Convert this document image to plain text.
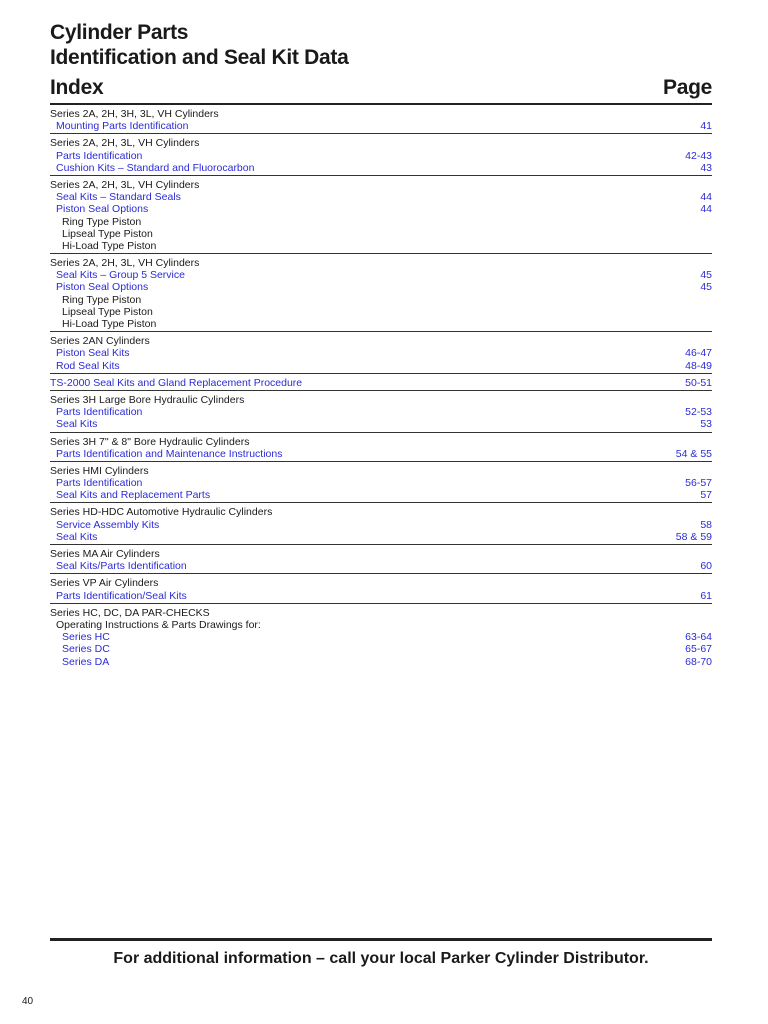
Cylinder Parts
Identification and Seal Kit Data
Index	Page
Series 2A, 2H, 3H, 3L, VH Cylinders
Mounting Parts Identification	41
Series 2A, 2H, 3L, VH Cylinders
Parts Identification	42-43
Cushion Kits – Standard and Fluorocarbon	43
Series 2A, 2H, 3L, VH Cylinders
Seal Kits – Standard Seals	44
Piston Seal Options	44
Ring Type Piston
Lipseal Type Piston
Hi-Load Type Piston
Series 2A, 2H, 3L, VH Cylinders
Seal Kits – Group 5 Service	45
Piston Seal Options	45
Ring Type Piston
Lipseal Type Piston
Hi-Load Type Piston
Series 2AN Cylinders
Piston Seal Kits	46-47
Rod Seal Kits	48-49
TS-2000 Seal Kits and Gland Replacement Procedure	50-51
Series 3H Large Bore Hydraulic Cylinders
Parts Identification	52-53
Seal Kits	53
Series 3H 7" & 8" Bore Hydraulic Cylinders
Parts Identification and Maintenance Instructions	54 & 55
Series HMI Cylinders
Parts Identification	56-57
Seal Kits and Replacement Parts	57
Series HD-HDC Automotive Hydraulic Cylinders
Service Assembly Kits	58
Seal Kits	58 & 59
Series MA Air Cylinders
Seal Kits/Parts Identification	60
Series VP Air Cylinders
Parts Identification/Seal Kits	61
Series HC, DC, DA PAR-CHECKS
Operating Instructions & Parts Drawings for:
Series HC	63-64
Series DC	65-67
Series DA	68-70
For additional information – call your local Parker Cylinder Distributor.
40
